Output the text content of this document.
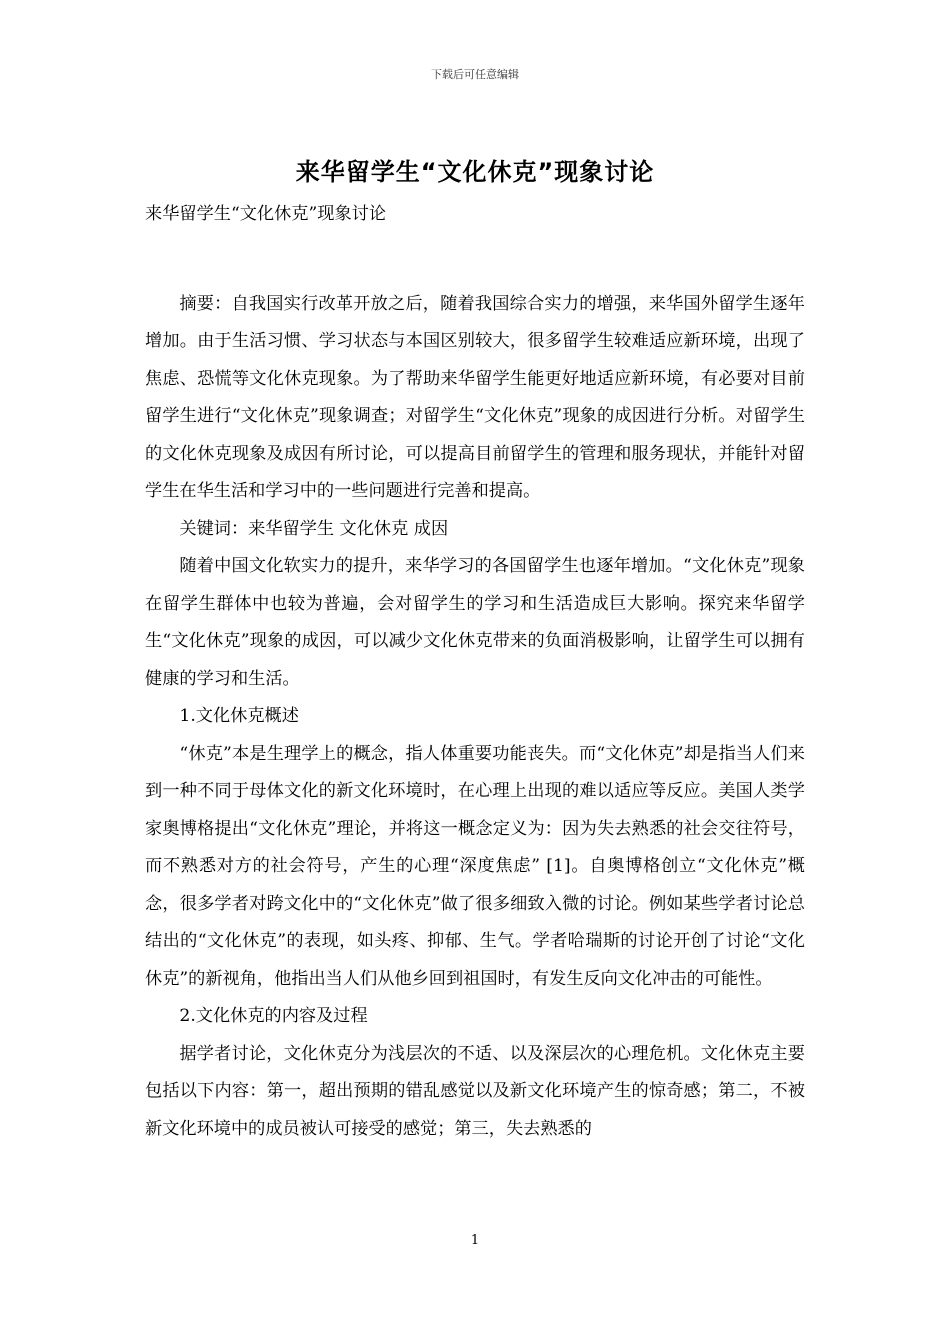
下载后可任意编辑
来华留学生“文化休克”现象讨论

来华留学生“文化休克”现象讨论

摘要：自我国实行改革开放之后，随着我国综合实力的增强，来华国外留学生逐年增加。由于生活习惯、学习状态与本国区别较大，很多留学生较难适应新环境，出现了焦虑、恐慌等文化休克现象。为了帮助来华留学生能更好地适应新环境，有必要对目前留学生进行“文化休克”现象调查；对留学生“文化休克”现象的成因进行分析。对留学生的文化休克现象及成因有所讨论，可以提高目前留学生的管理和服务现状，并能针对留学生在华生活和学习中的一些问题进行完善和提高。

关键词：来华留学生 文化休克 成因

随着中国文化软实力的提升，来华学习的各国留学生也逐年增加。“文化休克”现象在留学生群体中也较为普遍，会对留学生的学习和生活造成巨大影响。探究来华留学生“文化休克”现象的成因，可以减少文化休克带来的负面消极影响，让留学生可以拥有健康的学习和生活。

1.文化休克概述

“休克”本是生理学上的概念，指人体重要功能丧失。而“文化休克”却是指当人们来到一种不同于母体文化的新文化环境时，在心理上出现的难以适应等反应。美国人类学家奥博格提出“文化休克”理论，并将这一概念定义为：因为失去熟悉的社会交往符号，而不熟悉对方的社会符号，产生的心理“深度焦虑” [1]。自奥博格创立“文化休克”概念，很多学者对跨文化中的“文化休克”做了很多细致入微的讨论。例如某些学者讨论总结出的“文化休克”的表现，如头疼、抑郁、生气。学者哈瑞斯的讨论开创了讨论“文化休克”的新视角，他指出当人们从他乡回到祖国时，有发生反向文化冲击的可能性。

2.文化休克的内容及过程

据学者讨论，文化休克分为浅层次的不适、以及深层次的心理危机。文化休克主要包括以下内容：第一，超出预期的错乱感觉以及新文化环境产生的惊奇感；第二，不被新文化环境中的成员被认可接受的感觉；第三，失去熟悉的

1
